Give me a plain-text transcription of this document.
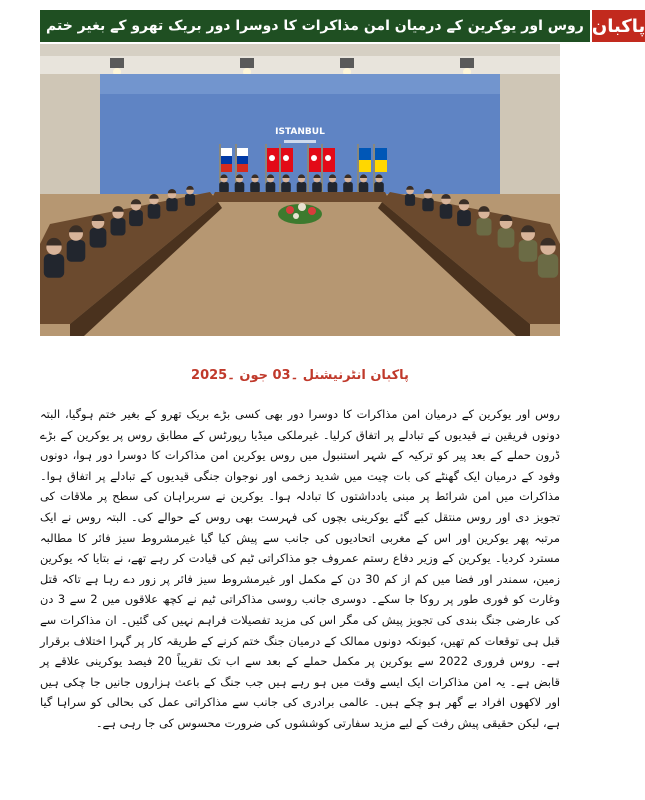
روس اور یوکرین کے درمیان امن مذاکرات کا دوسرا دور بریک تھرو کے بغیر ختم پاکبان
ISTANBUL
پاکبان انٹرنیشنل ۔03 جون ۔2025
روس اور یوکرین کے درمیان امن مذاکرات کا دوسرا دور بھی کسی بڑے بریک تھرو کے بغیر ختم ہوگیا، البتہ دونوں فریقین نے قیدیوں کے تبادلے پر اتفاق کرلیا۔ غیرملکی میڈیا رپورٹس کے مطابق روس پر یوکرین کے بڑے ڈرون حملے کے بعد پیر کو ترکیہ کے شہر استنبول میں روس یوکرین امن مذاکرات کا دوسرا دور ہوا، دونوں وفود کے درمیان ایک گھنٹے کی بات چیت میں شدید زخمی اور نوجوان جنگی قیدیوں کے تبادلے پر اتفاق ہوا۔ مذاکرات میں امن شرائط پر مبنی یادداشتوں کا تبادلہ ہوا۔ یوکرین نے سربراہان کی سطح پر ملاقات کی تجویز دی اور روس منتقل کیے گئے یوکرینی بچوں کی فہرست بھی روس کے حوالے کی۔ البتہ روس نے ایک مرتبہ پھر یوکرین اور اس کے مغربی اتحادیوں کی جانب سے پیش کیا گیا غیرمشروط سیز فائر کا مطالبہ مسترد کردیا۔ یوکرین کے وزیر دفاع رستم عمروف جو مذاکراتی ٹیم کی قیادت کر رہے تھے، نے بتایا کہ یوکرین زمین، سمندر اور فضا میں کم از کم 30 دن کے مکمل اور غیرمشروط سیز فائر پر زور دے رہا ہے تاکہ قتل وغارت کو فوری طور پر روکا جا سکے۔ دوسری جانب روسی مذاکراتی ٹیم نے کچھ علاقوں میں 2 سے 3 دن کی عارضی جنگ بندی کی تجویز پیش کی مگر اس کی مزید تفصیلات فراہم نہیں کی گئیں۔ ان مذاکرات سے قبل ہی توقعات کم تھیں، کیونکہ دونوں ممالک کے درمیان جنگ ختم کرنے کے طریقہ کار پر گہرا اختلاف برقرار ہے۔ روس فروری 2022 سے یوکرین پر مکمل حملے کے بعد سے اب تک تقریباً 20 فیصد یوکرینی علاقے پر قابض ہے۔ یہ امن مذاکرات ایک ایسے وقت میں ہو رہے ہیں جب جنگ کے باعث ہزاروں جانیں جا چکی ہیں اور لاکھوں افراد بے گھر ہو چکے ہیں۔ عالمی برادری کی جانب سے مذاکراتی عمل کی بحالی کو سراہا گیا ہے، لیکن حقیقی پیش رفت کے لیے مزید سفارتی کوششوں کی ضرورت محسوس کی جا رہی ہے۔
